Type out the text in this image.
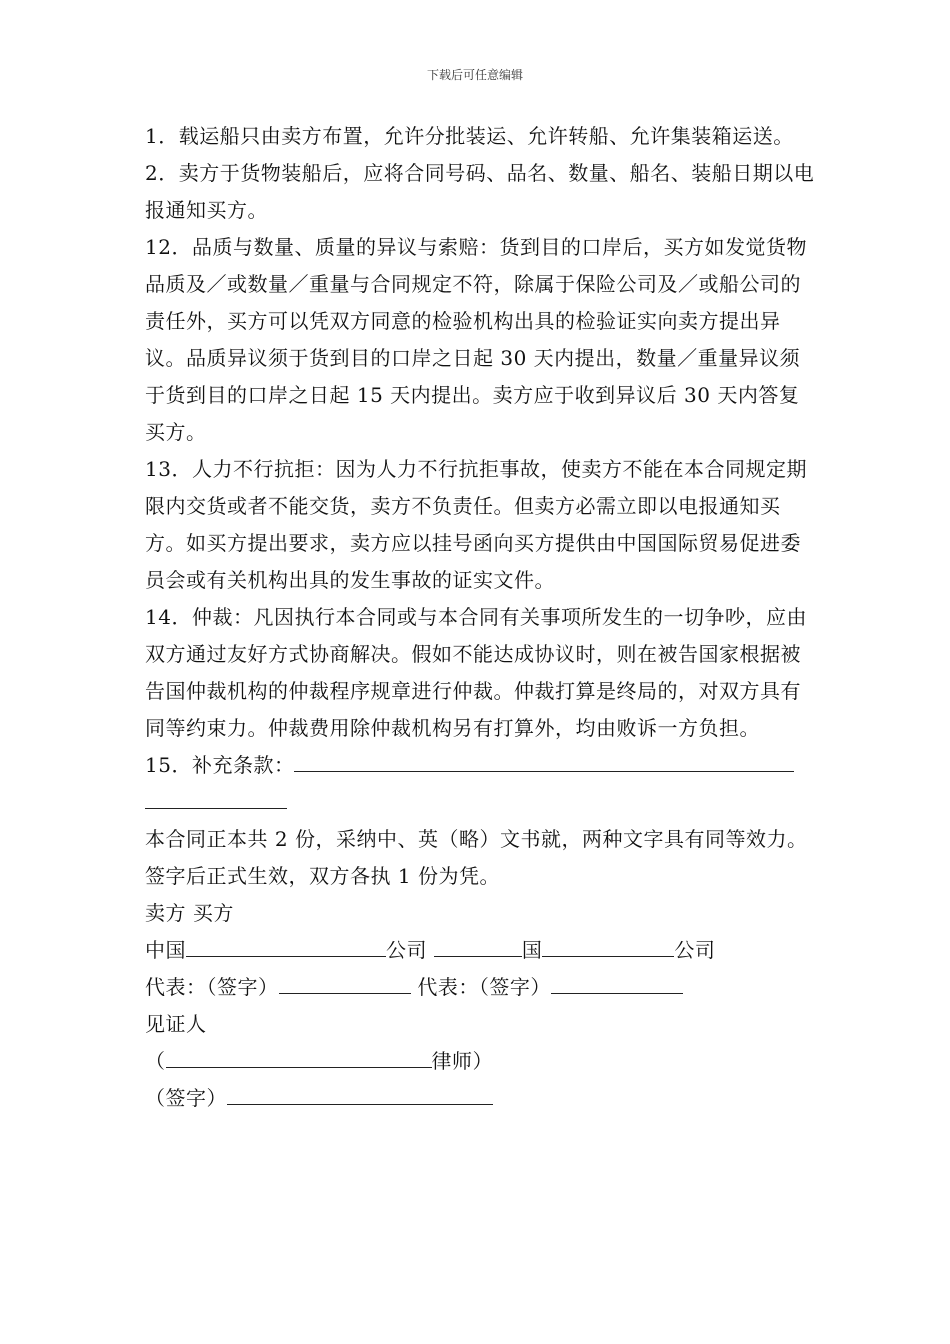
下载后可任意编辑

1．载运船只由卖方布置，允许分批装运、允许转船、允许集装箱运送。

2．卖方于货物装船后，应将合同号码、品名、数量、船名、装船日期以电报通知买方。

12．品质与数量、质量的异议与索赔：货到目的口岸后，买方如发觉货物品质及／或数量／重量与合同规定不符，除属于保险公司及／或船公司的责任外，买方可以凭双方同意的检验机构出具的检验证实向卖方提出异议。品质异议须于货到目的口岸之日起 30 天内提出，数量／重量异议须于货到目的口岸之日起 15 天内提出。卖方应于收到异议后 30 天内答复买方。

13．人力不行抗拒：因为人力不行抗拒事故，使卖方不能在本合同规定期限内交货或者不能交货，卖方不负责任。但卖方必需立即以电报通知买方。如买方提出要求，卖方应以挂号函向买方提供由中国国际贸易促进委员会或有关机构出具的发生事故的证实文件。

14．仲裁：凡因执行本合同或与本合同有关事项所发生的一切争吵，应由双方通过友好方式协商解决。假如不能达成协议时，则在被告国家根据被告国仲裁机构的仲裁程序规章进行仲裁。仲裁打算是终局的，对双方具有同等约束力。仲裁费用除仲裁机构另有打算外，均由败诉一方负担。

15．补充条款：

本合同正本共 2 份，采纳中、英（略）文书就，两种文字具有同等效力。签字后正式生效，双方各执 1 份为凭。

卖方 买方

中国	公司	国	公司

代表：（签字）	代表：（签字）

见证人

（	律师）

（签字）
